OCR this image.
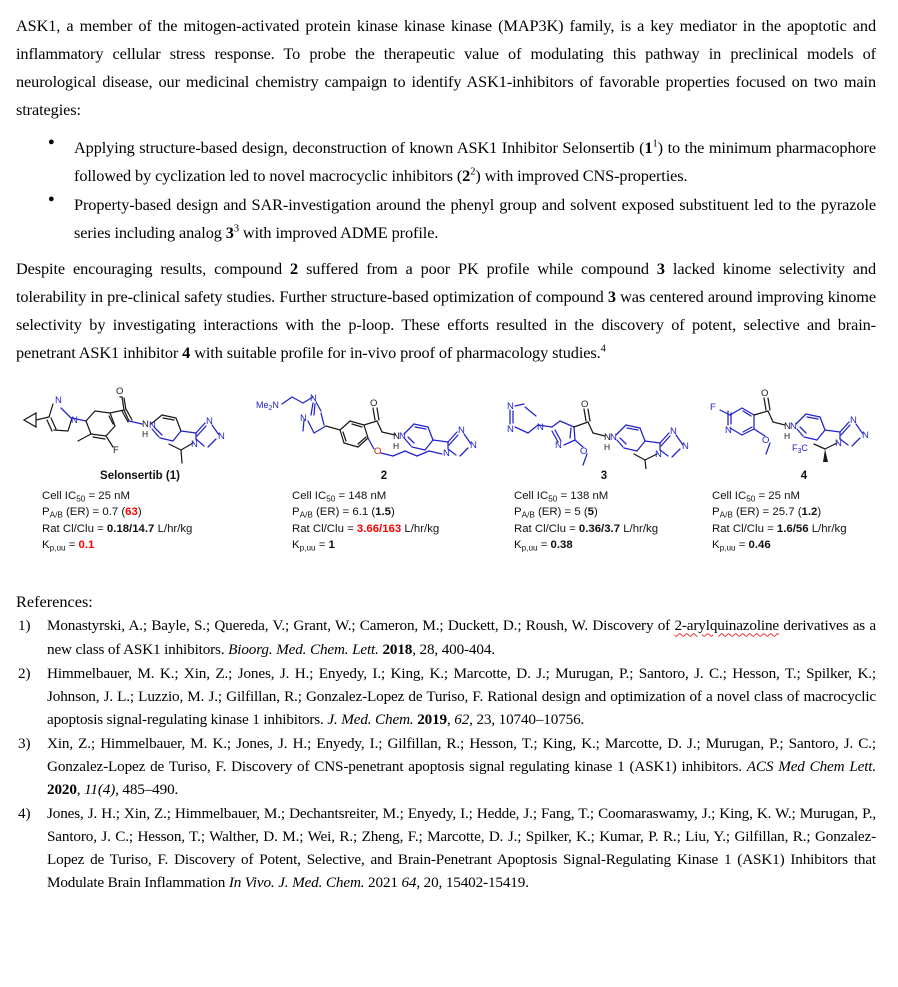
ASK1, a member of the mitogen-activated protein kinase kinase kinase (MAP3K) family, is a key mediator in the apoptotic and inflammatory cellular stress response. To probe the therapeutic value of modulating this pathway in preclinical models of neurological disease, our medicinal chemistry campaign to identify ASK1-inhibitors of favorable properties focused on two main strategies:

● Applying structure-based design, deconstruction of known ASK1 Inhibitor Selonsertib $(1^1)$ to the minimum pharmacophore followed by cyclization led to novel macrocyclic inhibitors $(2^2)$ with improved CNS-properties.
● Property-based design and SAR-investigation around the phenyl group and solvent exposed substituent led to the pyrazole series including analog $3^3$ with improved ADME profile.

Despite encouraging results, compound 2 suffered from a poor PK profile while compound 3 lacked kinome selectivity and tolerability in pre-clinical safety studies. Further structure-based optimization of compound 3 was centered around improving kinome selectivity by investigating interactions with the p-loop. These efforts resulted in the discovery of potent, selective and brain-penetrant ASK1 inhibitor 4 with suitable profile for in-vivo proof of pharmacology studies.$^4$

N
N	N
H
N	N
N
N
O
F
Selonsertib (1)
Cell $IC_{50} = 25$ nM
$P_{A/B}$ (ER) = 0.7 (63)
Rat Cl/Clu = 0.18/14.7 L/hr/kg
$K_{p,uu} = 0.1$
$Me_2N$
N
N
N
N
N
N
O
O
N
H
2
Cell $IC_{50} = 148$ nM
$P_{A/B}$ (ER) = 6.1 (1.5)
Rat Cl/Clu = 3.66/163 L/hr/kg
$K_{p,uu} = 1$
N
N N
N
N
N
N
N
O
O
N
H
3
Cell $IC_{50} = 138$ nM
$P_{A/B}$ (ER) = 5 (5)
Rat Cl/Clu = 0.36/3.7 L/hr/kg
$K_{p,uu} = 0.38$
F
N
O
N
N
N
N
$F_3C$
O
N
H
4
Cell $IC_{50} = 25$ nM
$P_{A/B}$ (ER) = 25.7 (1.2)
Rat Cl/Clu = 1.6/56 L/hr/kg
$K_{p,uu} = 0.46$
References:
Monastyrski, A.; Bayle, S.; Quereda, V.; Grant, W.; Cameron, M.; Duckett, D.; Roush, W. Discovery of 2-arylquinazoline derivatives as a new class of ASK1 inhibitors. Bioorg. Med. Chem. Lett. 2018, 28, 400-404.
Himmelbauer, M. K.; Xin, Z.; Jones, J. H.; Enyedy, I.; King, K.; Marcotte, D. J.; Murugan, P.; Santoro, J. C.; Hesson, T.; Spilker, K.; Johnson, J. L.; Luzzio, M. J.; Gilfillan, R.; Gonzalez-Lopez de Turiso, F. Rational design and optimization of a novel class of macrocyclic apoptosis signal-regulating kinase 1 inhibitors. J. Med. Chem. 2019, 62, 23, 10740–10756.
Xin, Z.; Himmelbauer, M. K.; Jones, J. H.; Enyedy, I.; Gilfillan, R.; Hesson, T.; King, K.; Marcotte, D. J.; Murugan, P.; Santoro, J. C.; Gonzalez-Lopez de Turiso, F. Discovery of CNS-penetrant apoptosis signal regulating kinase 1 (ASK1) inhibitors. ACS Med Chem Lett. 2020, 11(4), 485–490.
Jones, J. H.; Xin, Z.; Himmelbauer, M.; Dechantsreiter, M.; Enyedy, I.; Hedde, J.; Fang, T.; Coomaraswamy, J.; King, K. W.; Murugan, P., Santoro, J. C.; Hesson, T.; Walther, D. M.; Wei, R.; Zheng, F.; Marcotte, D. J.; Spilker, K.; Kumar, P. R.; Liu, Y.; Gilfillan, R.; Gonzalez-Lopez de Turiso, F. Discovery of Potent, Selective, and Brain-Penetrant Apoptosis Signal-Regulating Kinase 1 (ASK1) Inhibitors that Modulate Brain Inflammation In Vivo. J. Med. Chem. 2021 64, 20, 15402-15419.
